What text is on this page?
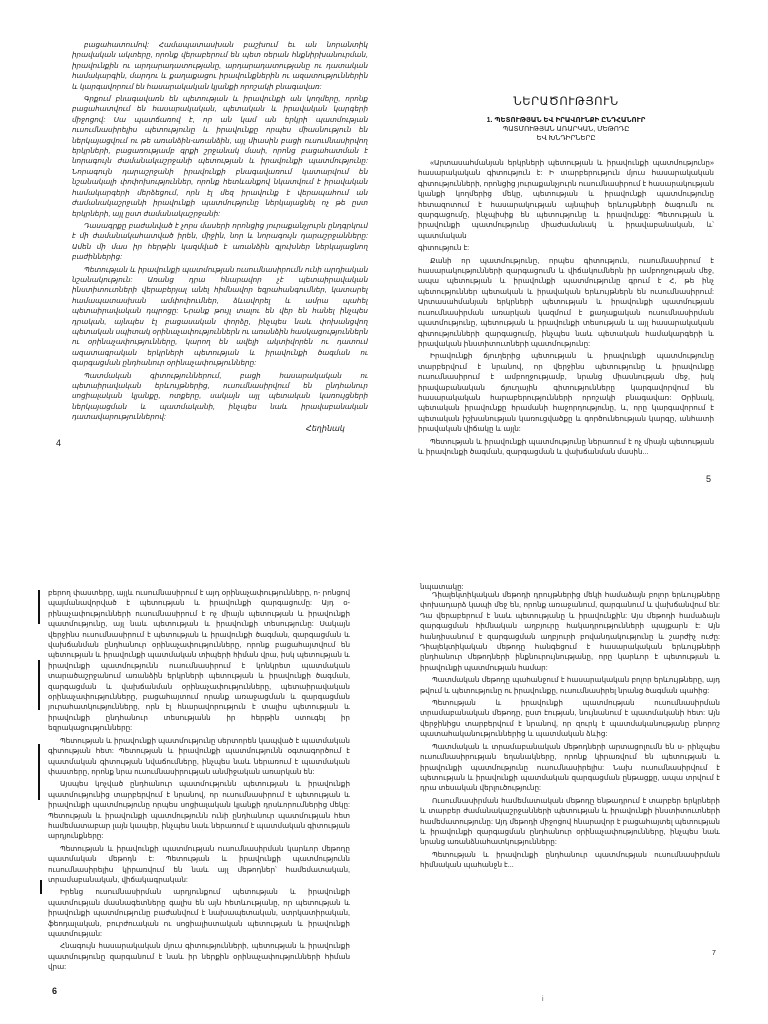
բացահատումով: Համապատասխան բաշխում եւ ան նորանտիկ իրավական ակտերը, որոնք վերաբերում են պետ ռերան հնքնիրխանուրման, իրավունքին ու արդարադատությանը, արդարադատությանը ու դատական համակարգին, մարդու և քաղաքացու իրավունքներին ու ազատություններին և կարգավորում են հասարակական կյանքի որոշակի բնագավառ:

Գրքում բնագավառն են պետության և իրավունքի ան կողմերը, որոնք բացահատվում են հասարակական, պետական և իրավական կարգերի միջոցով: Սա պատճառով է, որ ան կամ ան երկրի պատմության ուսումնասիրելիս պետությունը և իրավունքը որպես միասնություն են ներկայացվում ու թե առանձին-առանձին, այլ միասին բացի ուսումնասիրվող երկրների, բացառությամբ գրքի շրջանակ մասի, որոնց բացահատման է նորագույն ժամանակաշրջանի պետության և իրավունքի պատմությունը: Նորագույն դարաշրջանի իրավունքի բնագավառում կատարվում են նշանակալի փոփոխություններ, որոնք հետևանքով նկատվում է իրավական համակարգերի մերձեցում, որն էլ մեզ իրավունք է վերապահում ան ժամանակաշրջանի իրավունքի պատմությունը ներկայացնել ոչ թե ըստ երկրների, այլ ըստ ժամանակաշրջանի:

Դասագրքը բաժանված է չորս մասերի որոնցից յուրաքանչյուրն ընդգրկում է մի ժամանակահատված իրեն, միջին, նոր և նորագույն դարաշրջանները: Ամեն մի մաս իր հերթին կազմված է առանձին գլուխներ ներկայացնող բաժիններից:

Պետության և իրավունքի պատմության ուսումնասիրումն ունի արդիական նշանակություն: Առանց դրա հնարավոր չէ պետաիրավական ինստիտուտների վերաբերյալ անել հիմնավոր եզրահանգումներ, կատարել համապատասխան ամփոփումներ, ձևավորել և ամրա պահել պետաիրավական դպրոցը: Նրանք թույլ տալու են վեր են հանել ինչպես դրական, այնպես էլ բացասական փորձը, ինչպես նաև փոխանցվող պետական սպիտակ օրինաչափություններն ու առանձին հասկացություններն ու օրինաչափությունները, կարող են ավելի ակտիվորեն ու դատում ազատագրական երկրների պետության և իրավունքի ծագման ու զարգացման ընդհանուր օրինաչափությունները:

Պատմական գիտություններում, բացի հասարակական ու պետաիրավական երևույթներից, ուսումնասիրվում են ընդհանուր սոցիալական կյանքը, ոտքերը, սակայն այլ պետական կառույցների ներկայացման և պատմականի, ինչպես նաև իրավաբանական դատավարություններով:

Հեղինակ
4
ՆԵՐԱԾՈՒԹՅՈՒՆ
1. ՊԵՏՈՒԹՅԱՆ ԵՎ ԻՐԱՎՈՒՆՔԻ ԸՆԴՀԱՆՈՒՐ
ՊԱՏՄՈՒԹՅԱՆ ԱՌԱՐԿԱՆ, ՄԵԹՈԴԸ
ԵՎ ԽՆԴԻՐՆԵՐԸ

«Արտասահմանյան երկրների պետության և իրավունքի պատմությունը» հասարակական գիտություն է: Ի տարբերություն մյուս հասարակական գիտությունների, որոնցից յուրաքանչյուրն ուսումնասիրում է հասարակության կյանքի կողմերից մեկը, պետության և իրավունքի պատմությունը հետազոտում է հասարակության այնպիսի երևույթների ծագումն ու զարգացումը, ինչպիսիք են պետությունը և իրավունքը: Պետության և իրավունքի պատմությունը միաժամանակ և իրավաբանական, և՝ պատմական

գիտություն է:

Քանի որ պատմությունը, որպես գիտություն, ուսումնասիրում է հասարակությունների զարգացումն և վիճակումներն իր ամբողջության մեջ, ապա պետության և իրավունքի պատմությունը գրում է Հ, թե ինչ պետություններ պետական և իրավական երևույթներն են ուսումնասիրում: Արտասահմանյան երկրների պետության և իրավունքի պատմության ուսումնասիրման առարկան կազմում է քաղաքական ուսումնասիրման պատմությունը, պետության և իրավունքի տեսության և այլ հասարակական գիտությունների զարգացումը, ինչպես նաև պետական համակարգերի և իրավական ինստիտուտների պատմությունը:

Իրավունքի ճյուղերից պետության և իրավունքի պատմությունը տարբերվում է նրանով, որ վերջինս պետությունը և իրավունքը ուսումնասիրում է ամբողջությամբ, նրանց միասնության մեջ, իսկ իրավաբանական ճյուղային գիտությունները կարգավորվում են հասարակական հարաբերությունների որոշակի բնագավառ: Օրինակ, պետական իրավունքը հրամանի հաջորդությունը, և, որը կարգավորում է պետական իշխանության կառուցվածքը և գործունեության կարգը, անհատի իրավական վիճակը և այլն:

Պետության և իրավունքի պատմությունը ներառում է ոչ միայն պետության և իրավունքի ծագման, զարգացման և վախճանման մասին...

5

բերող փաստերը, այլև ուսումնասիրում է այդ օրինաչափությունները, ո- րոնցով պայմանավորված է պետության և իրավունքի զարգացումը: Այդ օ- րինաչափությունների ուսումնասիրում է ոչ միայն պետության և իրավունքի պատմությունը, այլ նաև պետության և իրավունքի տեսությունը: Սակայն վերջինս ուսումնասիրում է պետության և իրավունքի ծագման, զարգացման և վախճանման ընդհանուր օրինաչափությունները, որոնք բացահայտվում են պետության և իրավունքի պատմական տիպերի հիման վրա, իսկ պետության և իրավունքի պատմությունն ուսումնասիրում է կոնկրետ պատմական տարածաշրջանում առանձին երկրների պետության և իրավունքի ծագման, զարգացման և վախճանման օրինաչափությունները, պետաիրավական օրինաչափությունները, բացահայտում որանք առաջացման և զարգացման յուրահատկությունները, որն էլ հնարավորություն է տալիս պետության և իրավունքի ընդհանուր տեսությանն իր հերթին ստուգել իր եզրակացությունները:

Պետության և իրավունքի պատմությունը սերտորեն կապված է պատմական գիտության հետ: Պետության և իրավունքի պատմությունն օգտագործում է պատմական գիտության նվաճումները, ինչպես նաև ներառում է պատմական փաստերը, որոնք նրա ուսումնասիրության անմիջական առարկան են:

Այսպես կոչված ընդհանուր պատմությունն պետության և իրավունքի պատմությունից տարբերվում է նրանով, որ ուսումնասիրում է պետության և իրավունքի պատմությունը որպես սոցիալական կյանքի դրսևորումներից մեկը: Պետության և իրավունքի պատմությունն ունի ընդհանուր պատմության հետ համեմատաբար լայն կապեր, ինչպես նաև ներառում է պատմական գիտության արդյունքները:

Պետության և իրավունքի պատմության ուսումնասիրման կարևոր մեթոդը պատմական մեթոդն է: Պետության և իրավունքի պատմությունն ուսումնասիրելիս կիրառվում են նաև այլ մեթոդներ՝ համեմատական, տրամաբանական, վիճակագրական:

Իրենց ուսումնասիրման արդյունքում պետության և իրավունքի պատմության մասնագետները գալիս են այն հետևությանը, որ պետության և իրավունքի պատմությունը բաժանվում է նախապետական, ստրկատիրական, ֆեոդալական, բուրժուական ու սոցիալիստական պետության և իրավունքի պատմության:

Հնագույն հասարակական մյուս գիտությունների, պետության և իրավունքի պատմությունը զարգանում է նաև իր ներքին օրինաչափությունների հիման վրա:

6
նպատակը:

Դիալեկտիկական մեթոդի դրույթներից մեկի համաձայն բոլոր երևույթները փոխադարձ կապի մեջ են, որոնք առաջանում, զարգանում և վախճանվում են: Դա վերաբերում է նաև պետությանը և իրավունքին: Այս մեթոդի համաձայն զարգացման հիմնական աղբյուրը հակադրությունների պայքարն է: Այն հանդիսանում է զարգացման աղբյուրի բովանդակությունը և շարժիչ ուժը: Դիալեկտիկական մեթոդը հանգեցում է հասարակական երևույթների ընդհանուր մեթոդների ինքնուրույնությանը, որը կարևոր է պետության և իրավունքի պատմության համար:

Պատմական մեթոդը պահանջում է հասարակական բոլոր երևույթները, այդ թվում և պետությունը ու իրավունքը, ուսումնասիրել նրանց ծագման պահից:

Պետության և իրավունքի պատմության ուսումնասիրման տրամաբանական մեթոդը, ըստ էության, նույնանում է պատմականի հետ: Այն վերջինիցս տարբերվում է նրանով, որ զուրկ է պատմականությանը բնորոշ պատահականություններից և պատմական ձևից:

Պատմական և տրամաբանական մեթոդների արտացոլումն են ս- րինչպես ուսումնասիրության եղանակները, որոնք կիրառվում են պետության և իրավունքի պատմությունը ուսումնասիրելիս: Նախ ուսումնասիրվում է պետության և իրավունքի պատմական զարգացման ընթացքը, ապա տրվում է դրա տեսական վերլուծությունը:

Ուսումնասիրման համեմատական մեթոդը ենթադրում է տարբեր երկրների և տարբեր ժամանակաշրջանների պետության և իրավունքի ինստիտուտների համեմատությունը: Այդ մեթոդի միջոցով հնարավոր է բացահայտել պետության և իրավունքի զարգացման ընդհանուր օրինաչափությունները, ինչպես նաև նրանց առանձնահատկությունները:

Պետության և իրավունքի ընդհանուր պատմության ուսումնասիրման հիմնական պահանջն է...

7
i
